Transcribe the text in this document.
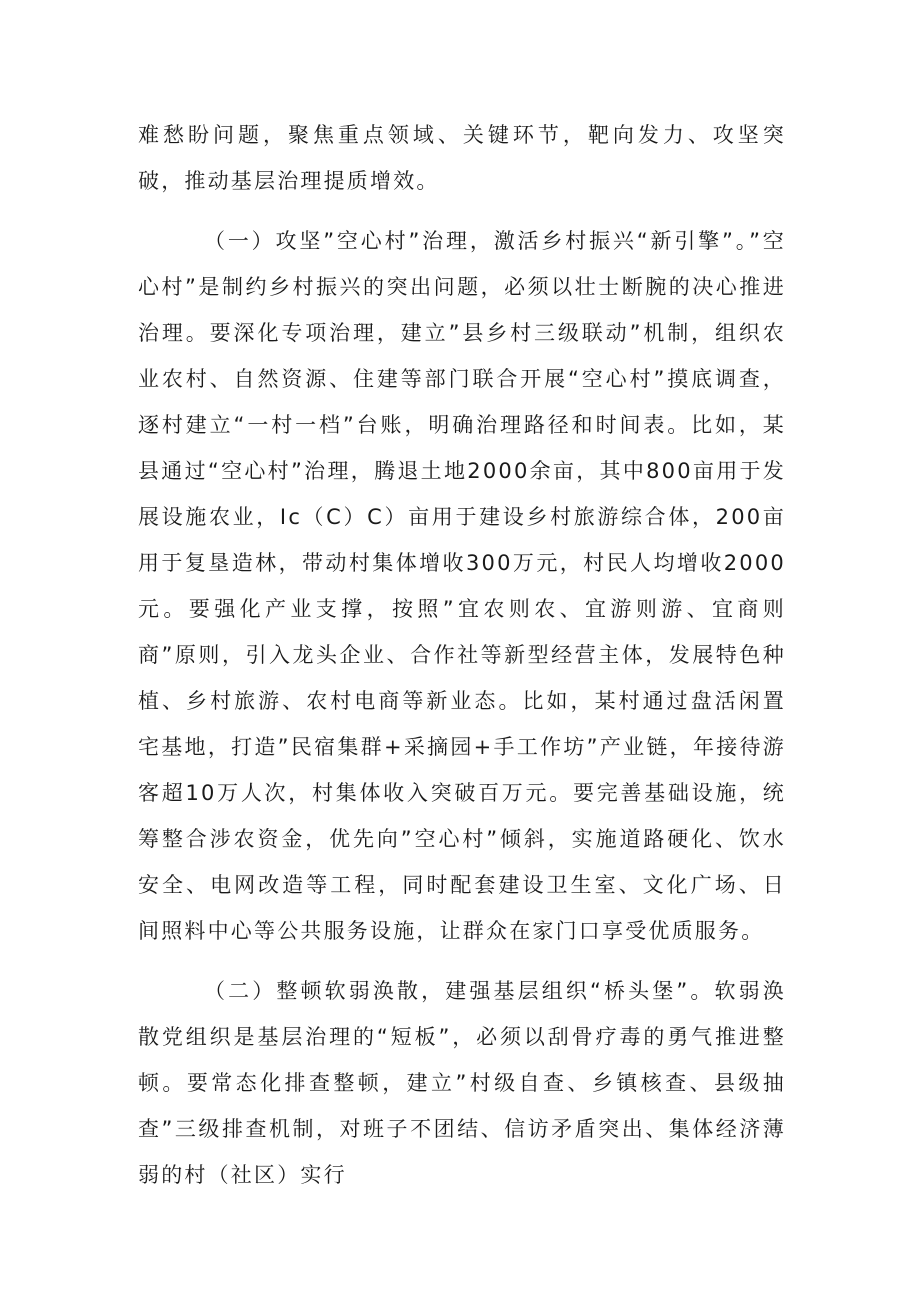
难愁盼问题，聚焦重点领域、关键环节，靶向发力、攻坚突破，推动基层治理提质增效。

（一）攻坚”空心村”治理，激活乡村振兴“新引擎”。”空心村”是制约乡村振兴的突出问题，必须以壮士断腕的决心推进治理。要深化专项治理，建立”县乡村三级联动”机制，组织农业农村、自然资源、住建等部门联合开展“空心村”摸底调查，逐村建立“一村一档”台账，明确治理路径和时间表。比如，某县通过“空心村”治理，腾退土地2000余亩，其中800亩用于发展设施农业，Ic（C）C）亩用于建设乡村旅游综合体，200亩用于复垦造林，带动村集体增收300万元，村民人均增收2000元。要强化产业支撑，按照”宜农则农、宜游则游、宜商则商”原则，引入龙头企业、合作社等新型经营主体，发展特色种植、乡村旅游、农村电商等新业态。比如，某村通过盘活闲置宅基地，打造”民宿集群+采摘园+手工作坊”产业链，年接待游客超10万人次，村集体收入突破百万元。要完善基础设施，统筹整合涉农资金，优先向”空心村”倾斜，实施道路硬化、饮水安全、电网改造等工程，同时配套建设卫生室、文化广场、日间照料中心等公共服务设施，让群众在家门口享受优质服务。

（二）整顿软弱涣散，建强基层组织“桥头堡”。软弱涣散党组织是基层治理的“短板”，必须以刮骨疗毒的勇气推进整顿。要常态化排查整顿，建立”村级自查、乡镇核查、县级抽查”三级排查机制，对班子不团结、信访矛盾突出、集体经济薄弱的村（社区）实行
